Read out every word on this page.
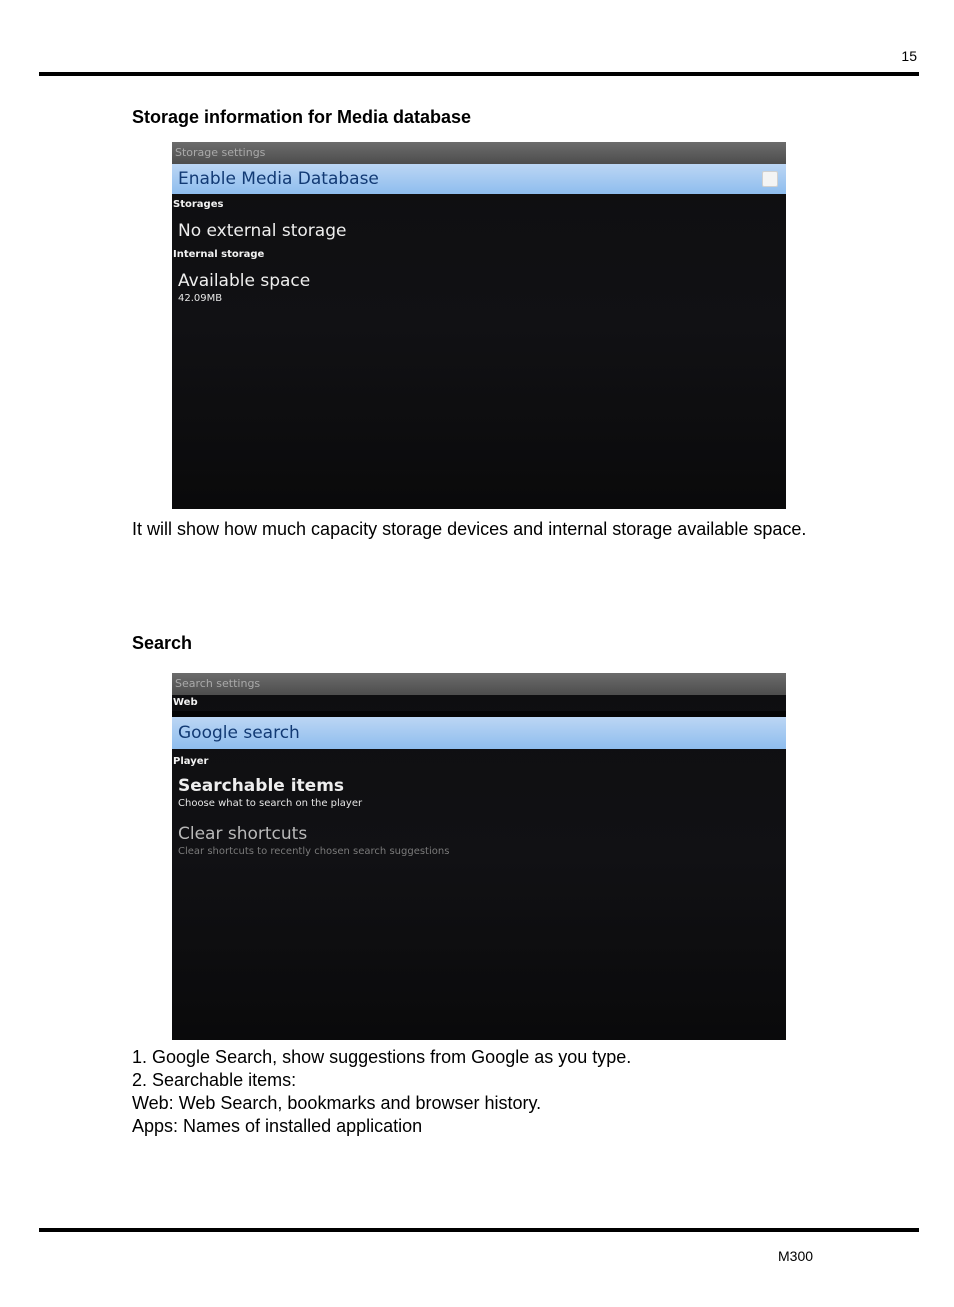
15
Storage information for Media database
Storage settings
Enable Media Database
Storages
No external storage
Internal storage
Available space
42.09MB
It will show how much capacity storage devices and internal storage available space.
Search
Search settings
Web
Google search
Player
Searchable items
Choose what to search on the player
Clear shortcuts
Clear shortcuts to recently chosen search suggestions
1. Google Search, show suggestions from Google as you type.
2. Searchable items:
Web: Web Search, bookmarks and browser history.
Apps: Names of installed application
M300
